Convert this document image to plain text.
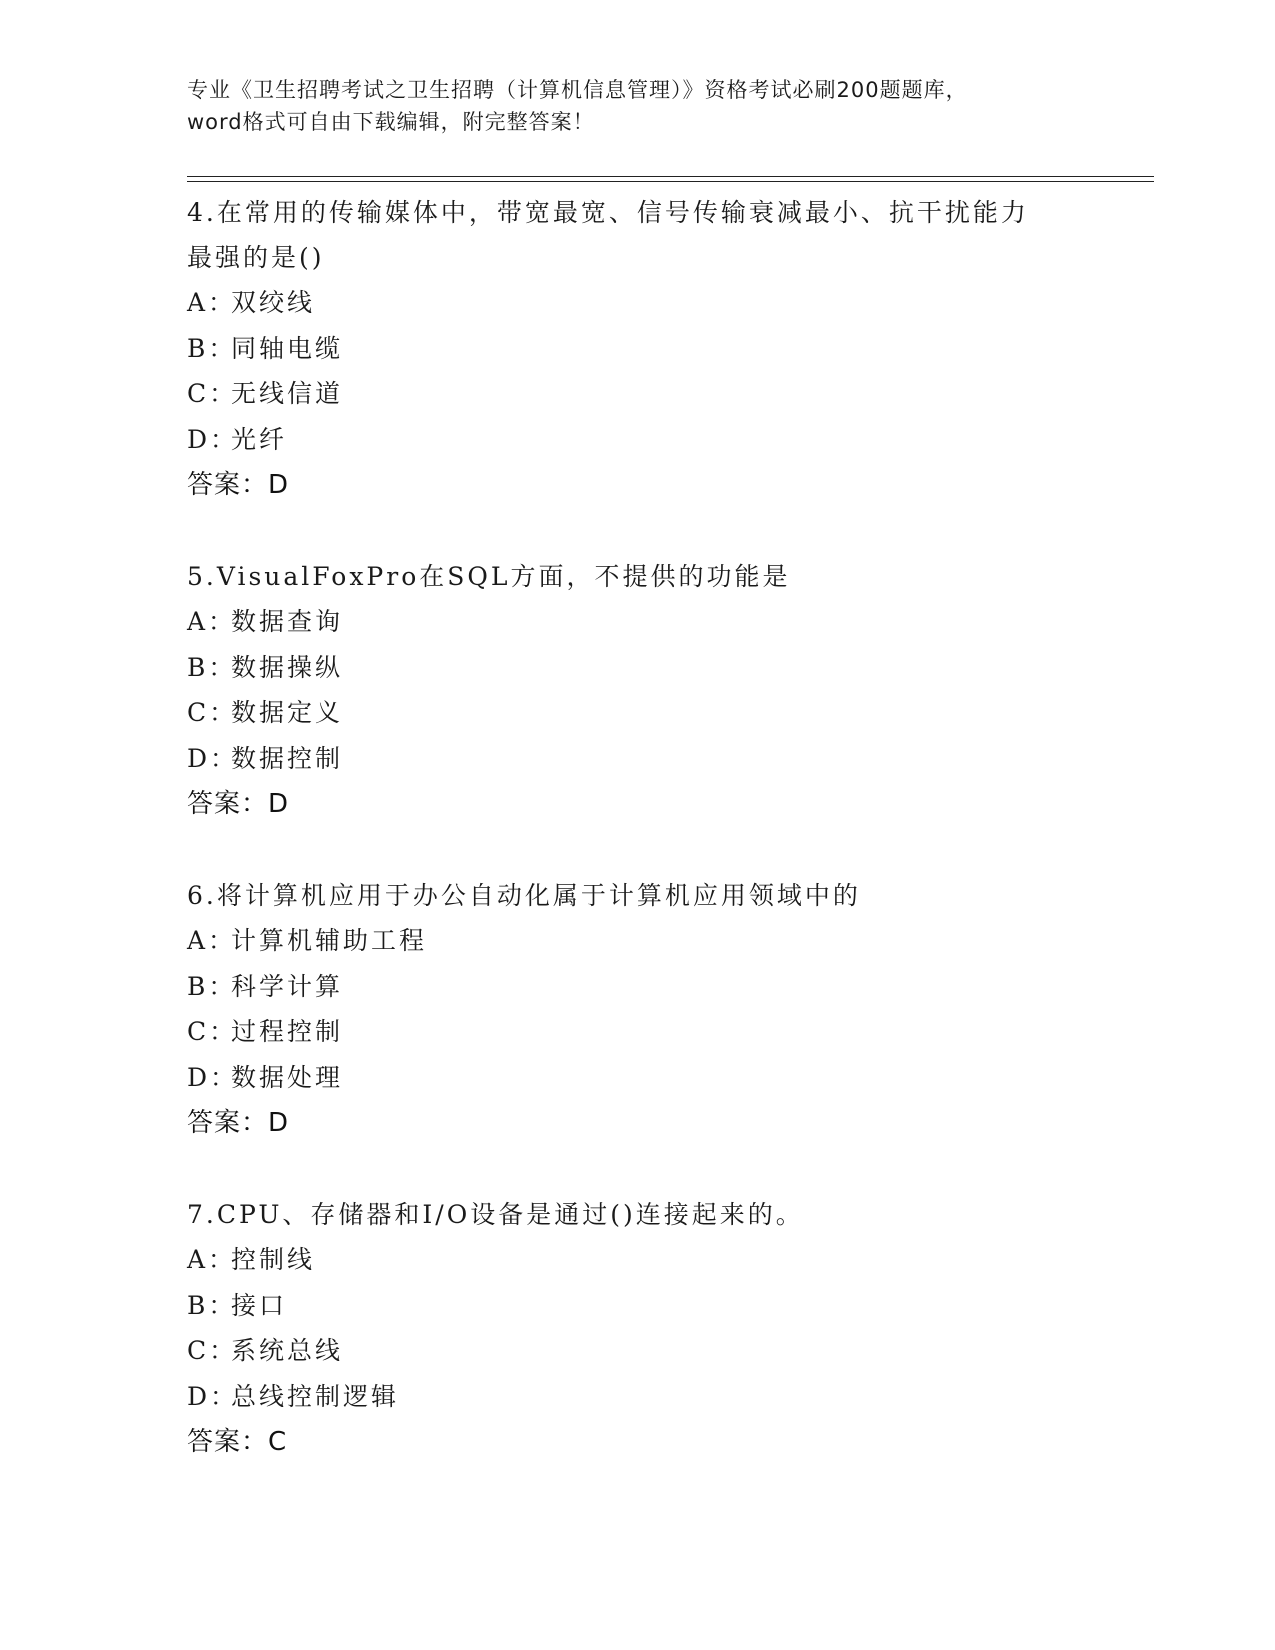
专业《卫生招聘考试之卫生招聘（计算机信息管理）》资格考试必刷200题题库，
word格式可自由下载编辑，附完整答案！
4.在常用的传输媒体中，带宽最宽、信号传输衰减最小、抗干扰能力
最强的是()
A：双绞线
B：同轴电缆
C：无线信道
D：光纤
答案：D
5.VisualFoxPro在SQL方面，不提供的功能是
A：数据查询
B：数据操纵
C：数据定义
D：数据控制
答案：D
6.将计算机应用于办公自动化属于计算机应用领域中的
A：计算机辅助工程
B：科学计算
C：过程控制
D：数据处理
答案：D
7.CPU、存储器和I/O设备是通过()连接起来的。
A：控制线
B：接口
C：系统总线
D：总线控制逻辑
答案：C
